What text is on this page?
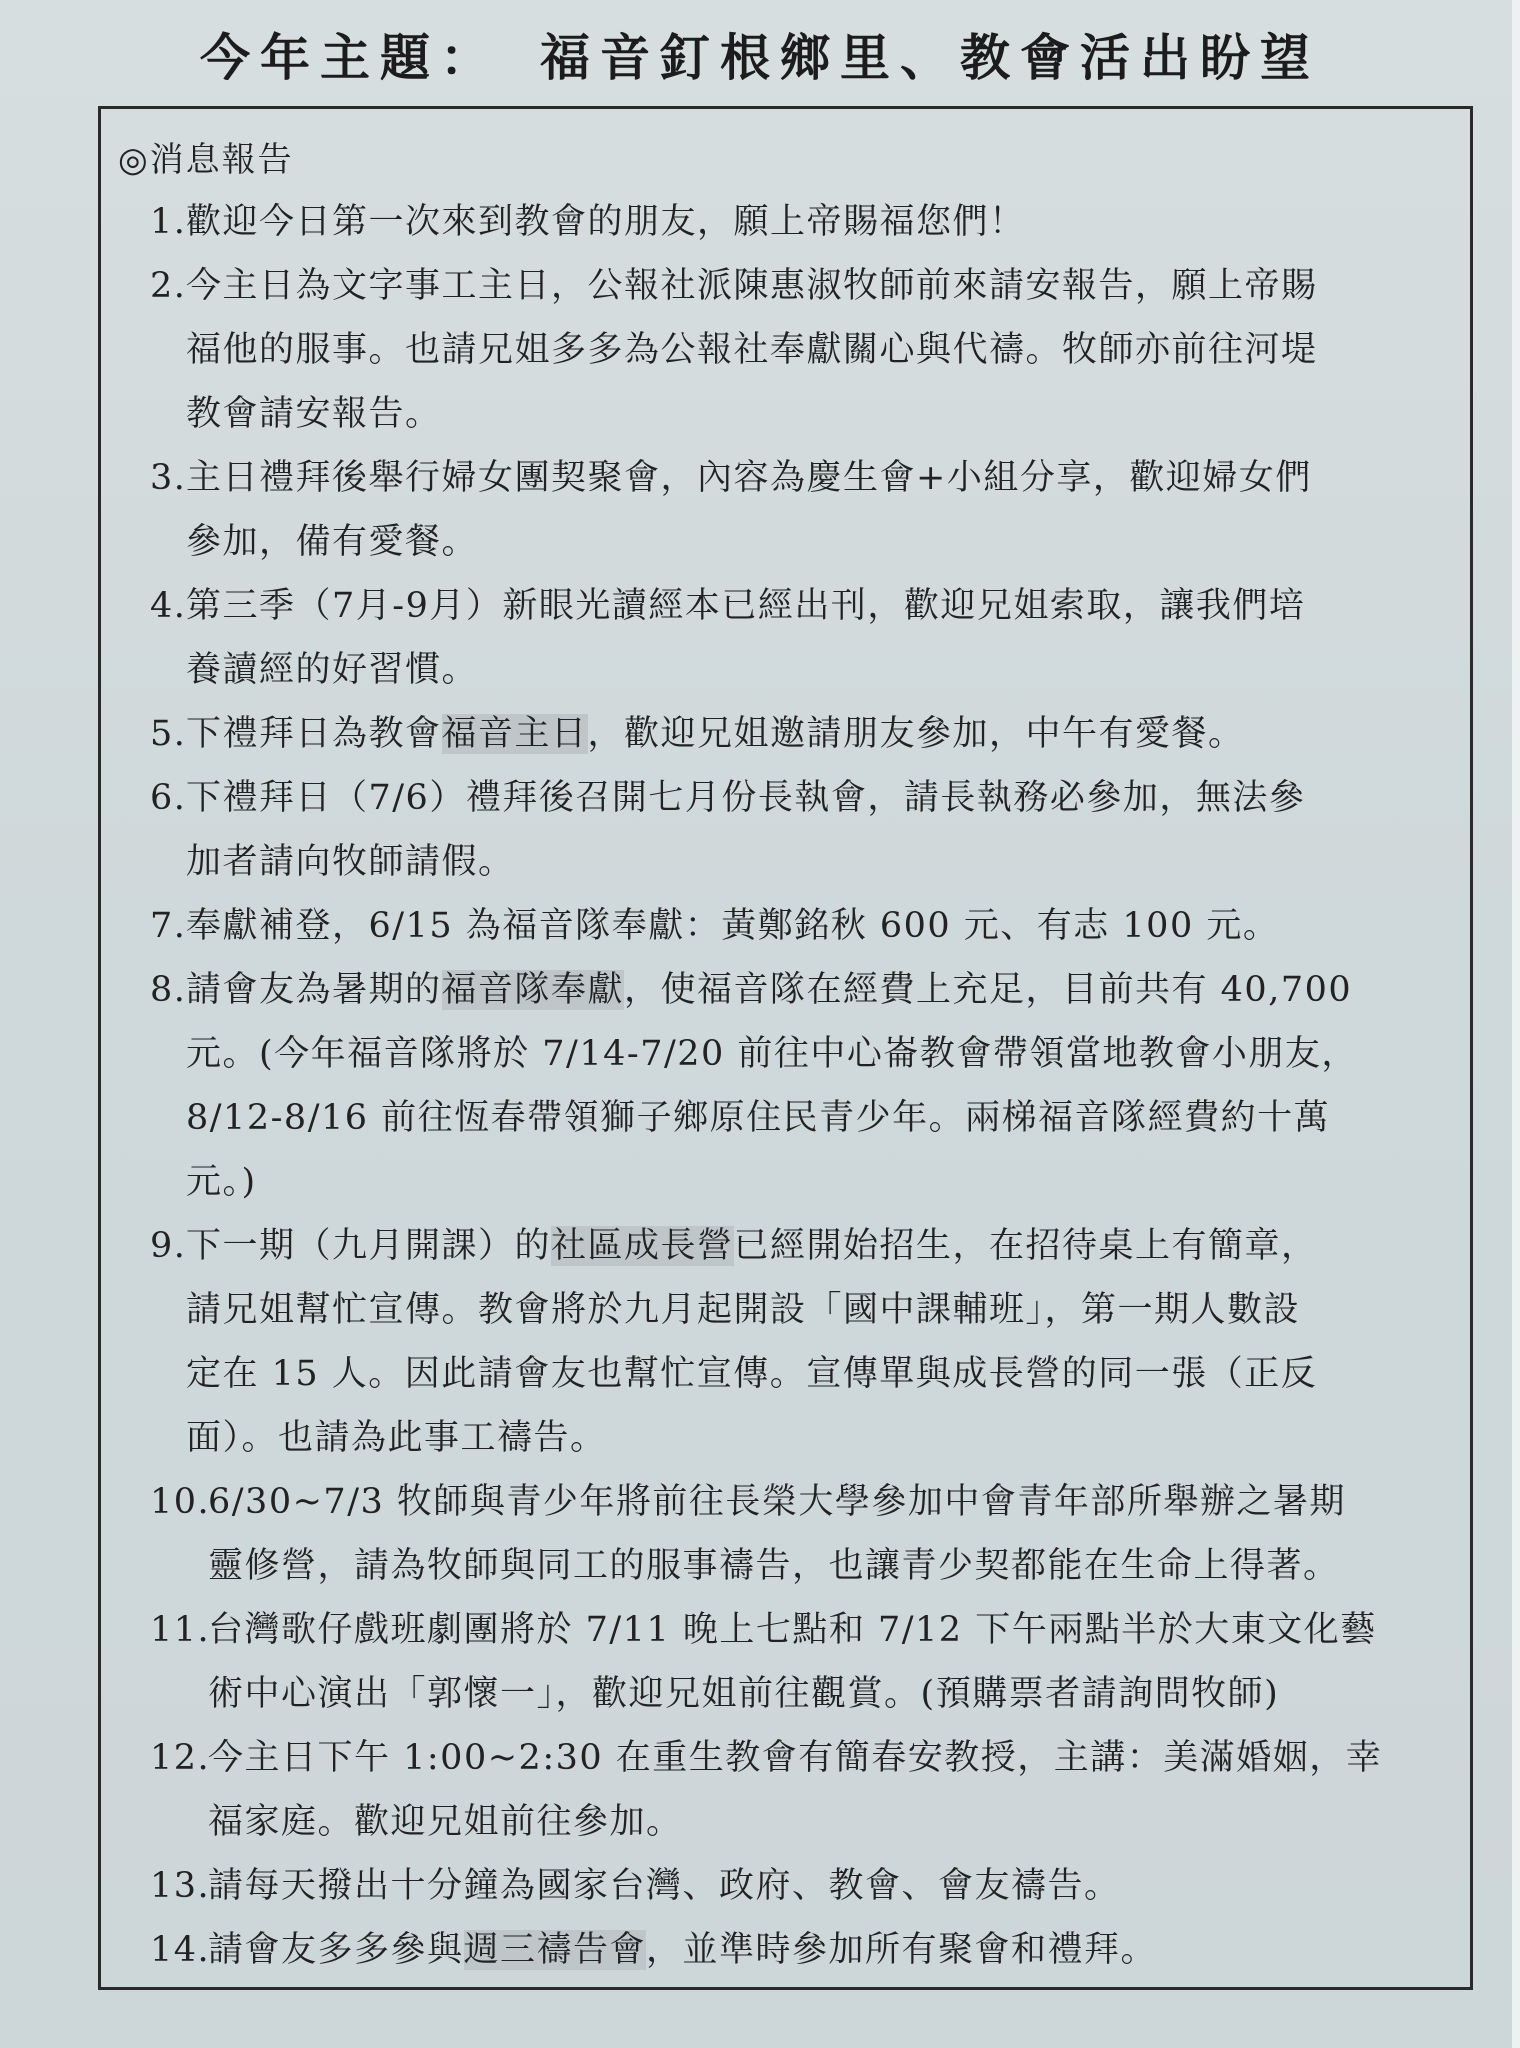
今年主題： 福音釘根鄉里、教會活出盼望
◎消息報告
1. 歡迎今日第一次來到教會的朋友，願上帝賜福您們！
2. 今主日為文字事工主日，公報社派陳惠淑牧師前來請安報告，願上帝賜
福他的服事。也請兄姐多多為公報社奉獻關心與代禱。牧師亦前往河堤
教會請安報告。
3. 主日禮拜後舉行婦女團契聚會，內容為慶生會+小組分享，歡迎婦女們
參加，備有愛餐。
4. 第三季（7月-9月）新眼光讀經本已經出刊，歡迎兄姐索取，讓我們培
養讀經的好習慣。
5. 下禮拜日為教會福音主日，歡迎兄姐邀請朋友參加，中午有愛餐。
6. 下禮拜日（7/6）禮拜後召開七月份長執會，請長執務必參加，無法參
加者請向牧師請假。
7. 奉獻補登，6/15 為福音隊奉獻：黃鄭銘秋 600 元、有志 100 元。
8. 請會友為暑期的福音隊奉獻，使福音隊在經費上充足，目前共有 40,700
元。(今年福音隊將於 7/14-7/20 前往中心崙教會帶領當地教會小朋友，
8/12-8/16 前往恆春帶領獅子鄉原住民青少年。兩梯福音隊經費約十萬
元。)
9. 下一期（九月開課）的社區成長營已經開始招生，在招待桌上有簡章，
請兄姐幫忙宣傳。教會將於九月起開設「國中課輔班」，第一期人數設
定在 15 人。因此請會友也幫忙宣傳。宣傳單與成長營的同一張（正反
面）。也請為此事工禱告。
10.
6/30~7/3 牧師與青少年將前往長榮大學參加中會青年部所舉辦之暑期
靈修營，請為牧師與同工的服事禱告，也讓青少契都能在生命上得著。
11.
台灣歌仔戲班劇團將於 7/11 晚上七點和 7/12 下午兩點半於大東文化藝
術中心演出「郭懷一」，歡迎兄姐前往觀賞。(預購票者請詢問牧師)
12.
今主日下午 1:00~2:30 在重生教會有簡春安教授，主講：美滿婚姻，幸
福家庭。歡迎兄姐前往參加。
13.
請每天撥出十分鐘為國家台灣、政府、教會、會友禱告。
14.
請會友多多參與週三禱告會，並準時參加所有聚會和禮拜。
